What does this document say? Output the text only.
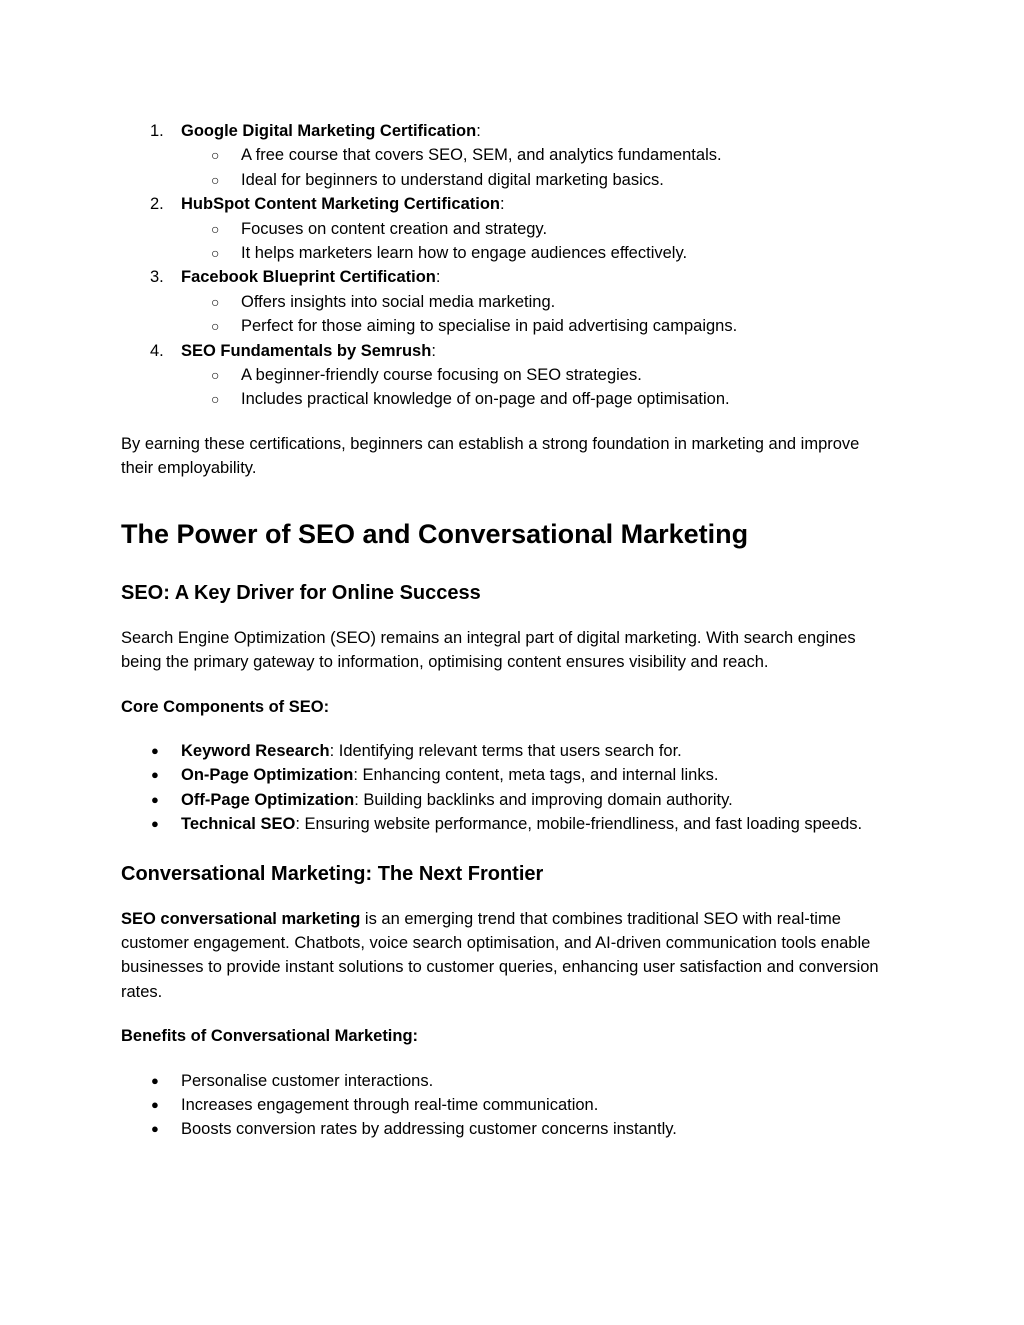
1. Google Digital Marketing Certification:
○ A free course that covers SEO, SEM, and analytics fundamentals.
○ Ideal for beginners to understand digital marketing basics.
2. HubSpot Content Marketing Certification:
○ Focuses on content creation and strategy.
○ It helps marketers learn how to engage audiences effectively.
3. Facebook Blueprint Certification:
○ Offers insights into social media marketing.
○ Perfect for those aiming to specialise in paid advertising campaigns.
4. SEO Fundamentals by Semrush:
○ A beginner-friendly course focusing on SEO strategies.
○ Includes practical knowledge of on-page and off-page optimisation.

By earning these certifications, beginners can establish a strong foundation in marketing and improve their employability.

The Power of SEO and Conversational Marketing
SEO: A Key Driver for Online Success

Search Engine Optimization (SEO) remains an integral part of digital marketing. With search engines being the primary gateway to information, optimising content ensures visibility and reach.

Core Components of SEO:

● Keyword Research: Identifying relevant terms that users search for.
● On-Page Optimization: Enhancing content, meta tags, and internal links.
● Off-Page Optimization: Building backlinks and improving domain authority.
● Technical SEO: Ensuring website performance, mobile-friendliness, and fast loading speeds.
Conversational Marketing: The Next Frontier

SEO conversational marketing is an emerging trend that combines traditional SEO with real-time customer engagement. Chatbots, voice search optimisation, and AI-driven communication tools enable businesses to provide instant solutions to customer queries, enhancing user satisfaction and conversion rates.

Benefits of Conversational Marketing:

● Personalise customer interactions.
● Increases engagement through real-time communication.
● Boosts conversion rates by addressing customer concerns instantly.
